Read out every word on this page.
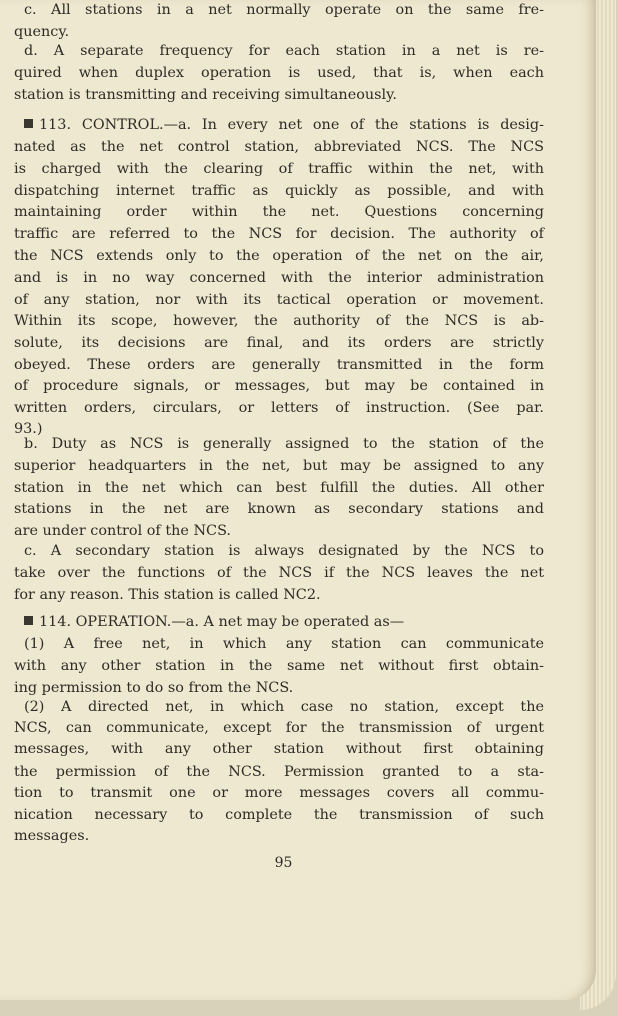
c. All stations in a net normally operate on the same fre-
quency.
d. A separate frequency for each station in a net is re-
quired when duplex operation is used, that is, when each
station is transmitting and receiving simultaneously.
113. CONTROL.—a. In every net one of the stations is desig-
nated as the net control station, abbreviated NCS. The NCS
is charged with the clearing of traffic within the net, with
dispatching internet traffic as quickly as possible, and with
maintaining order within the net. Questions concerning
traffic are referred to the NCS for decision. The authority of
the NCS extends only to the operation of the net on the air,
and is in no way concerned with the interior administration
of any station, nor with its tactical operation or movement.
Within its scope, however, the authority of the NCS is ab-
solute, its decisions are final, and its orders are strictly
obeyed. These orders are generally transmitted in the form
of procedure signals, or messages, but may be contained in
written orders, circulars, or letters of instruction. (See par.
93.)
b. Duty as NCS is generally assigned to the station of the
superior headquarters in the net, but may be assigned to any
station in the net which can best fulfill the duties. All other
stations in the net are known as secondary stations and
are under control of the NCS.
c. A secondary station is always designated by the NCS to
take over the functions of the NCS if the NCS leaves the net
for any reason. This station is called NC2.
114. OPERATION.—a. A net may be operated as—
(1) A free net, in which any station can communicate
with any other station in the same net without first obtain-
ing permission to do so from the NCS.
(2) A directed net, in which case no station, except the
NCS, can communicate, except for the transmission of urgent
messages, with any other station without first obtaining
the permission of the NCS. Permission granted to a sta-
tion to transmit one or more messages covers all commu-
nication necessary to complete the transmission of such
messages.
95
